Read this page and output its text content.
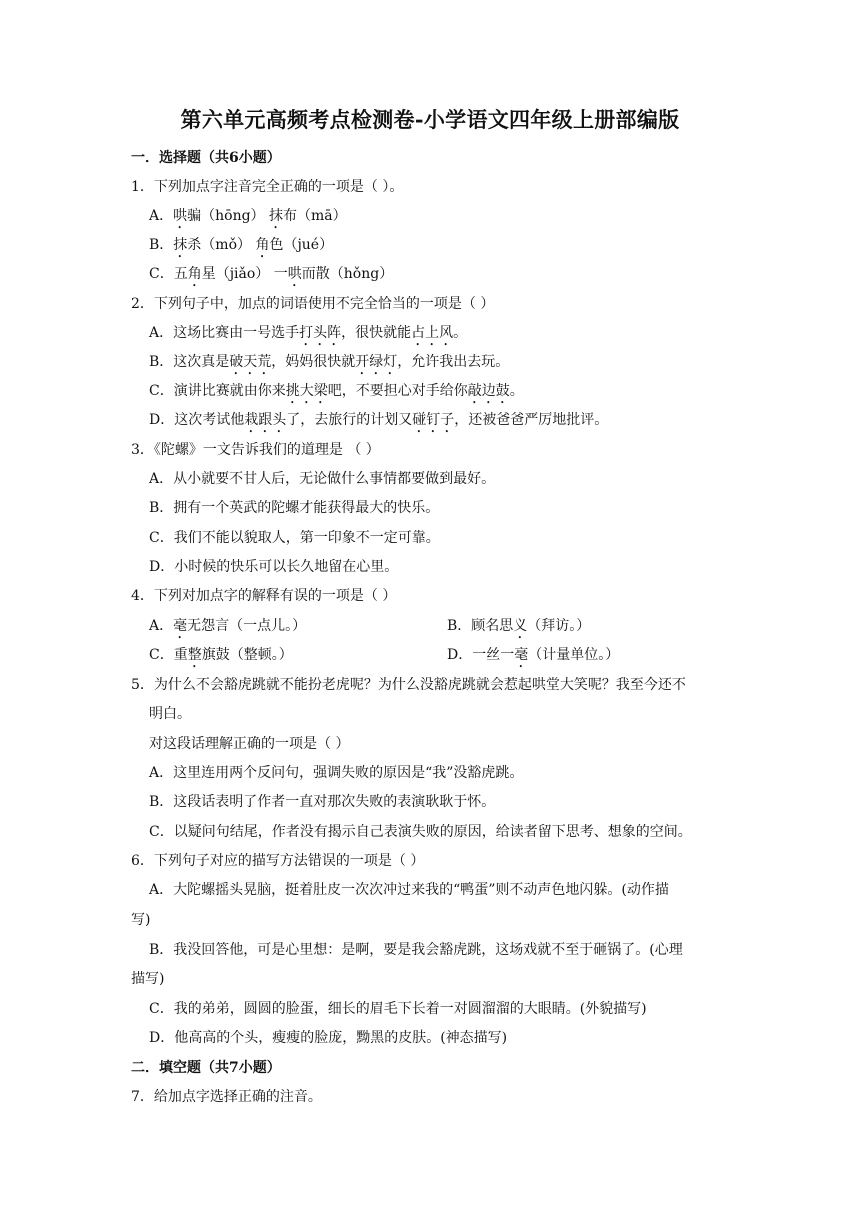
第六单元高频考点检测卷-小学语文四年级上册部编版
一．选择题（共6小题）
1．下列加点字注音完全正确的一项是（ ）。
A．哄骗（hōng） 抹布（mā）
B．抹杀（mǒ） 角色（jué）
C．五角星（jiǎo） 一哄而散（hǒng）
2．下列句子中，加点的词语使用不完全恰当的一项是（ ）
A．这场比赛由一号选手打头阵，很快就能占上风。
B．这次真是破天荒，妈妈很快就开绿灯，允许我出去玩。
C．演讲比赛就由你来挑大梁吧，不要担心对手给你敲边鼓。
D．这次考试他栽跟头了，去旅行的计划又碰钉子，还被爸爸严厉地批评。
3．《陀螺》一文告诉我们的道理是 （ ）
A．从小就要不甘人后，无论做什么事情都要做到最好。
B．拥有一个英武的陀螺才能获得最大的快乐。
C．我们不能以貌取人，第一印象不一定可靠。
D．小时候的快乐可以长久地留在心里。
4．下列对加点字的解释有误的一项是（ ）
A．毫无怨言（一点儿。）	B．顾名思义（拜访。）
C．重整旗鼓（整顿。）	D．一丝一毫（计量单位。）
5．为什么不会豁虎跳就不能扮老虎呢？为什么没豁虎跳就会惹起哄堂大笑呢？我至今还不
明白。
对这段话理解正确的一项是（ ）
A．这里连用两个反问句，强调失败的原因是“我”没豁虎跳。
B．这段话表明了作者一直对那次失败的表演耿耿于怀。
C．以疑问句结尾，作者没有揭示自己表演失败的原因，给读者留下思考、想象的空间。
6．下列句子对应的描写方法错误的一项是（ ）
A．大陀螺摇头晃脑，挺着肚皮一次次冲过来我的“鸭蛋”则不动声色地闪躲。(动作描
写)
B．我没回答他，可是心里想：是啊，要是我会豁虎跳，这场戏就不至于砸锅了。(心理
描写)
C．我的弟弟，圆圆的脸蛋，细长的眉毛下长着一对圆溜溜的大眼睛。(外貌描写)
D．他高高的个头，瘦瘦的脸庞，黝黑的皮肤。(神态描写)
二．填空题（共7小题）
7．给加点字选择正确的注音。
